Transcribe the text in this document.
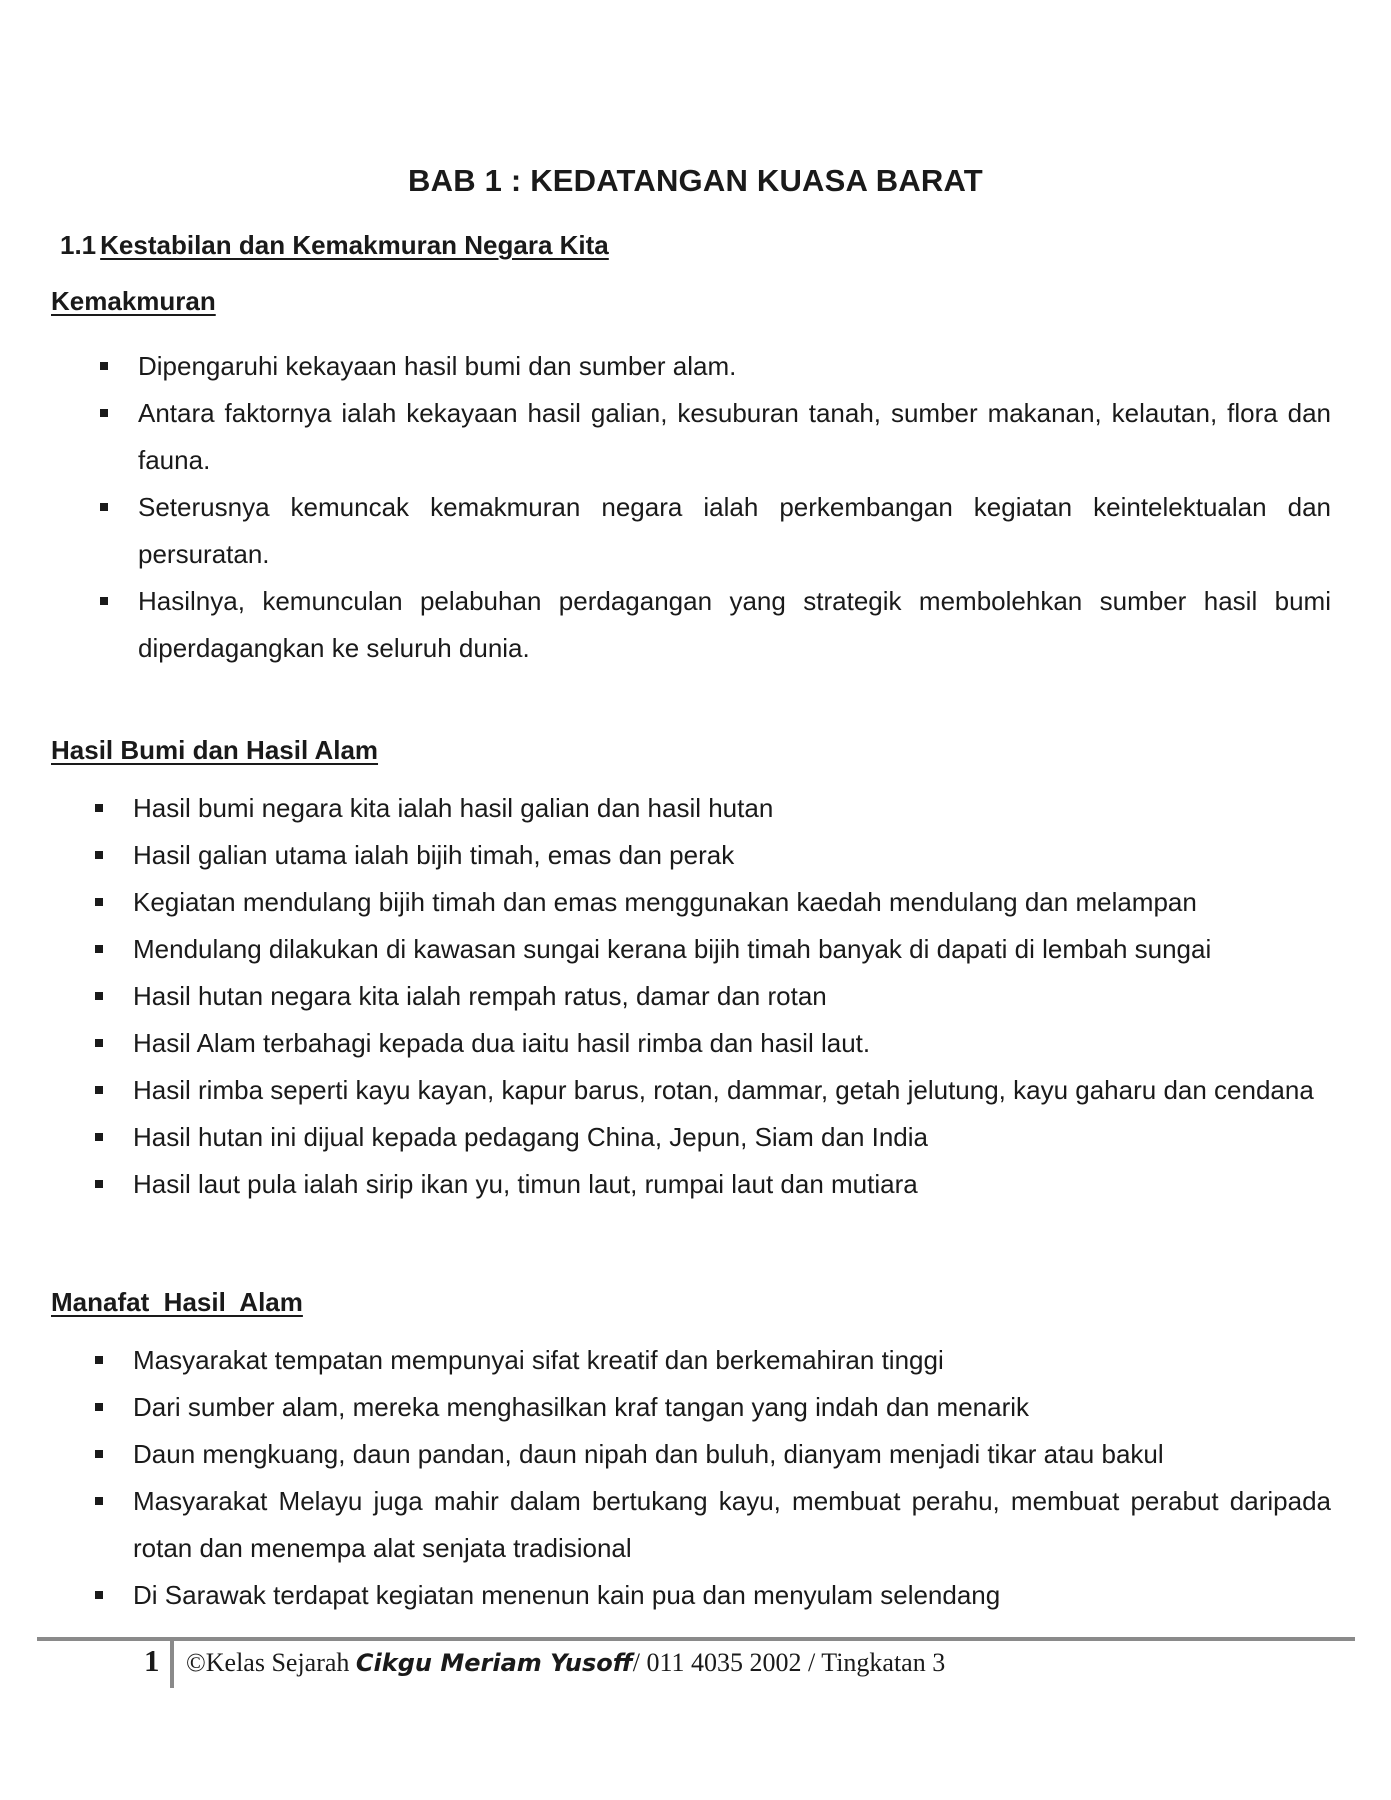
BAB 1 : KEDATANGAN KUASA BARAT
1.1 Kestabilan dan Kemakmuran Negara Kita
Kemakmuran
Dipengaruhi kekayaan hasil bumi dan sumber alam.
Antara faktornya ialah kekayaan hasil galian, kesuburan tanah, sumber makanan, kelautan, flora dan fauna.
Seterusnya kemuncak kemakmuran negara ialah perkembangan kegiatan keintelektualan dan persuratan.
Hasilnya, kemunculan pelabuhan perdagangan yang strategik membolehkan sumber hasil bumi diperdagangkan ke seluruh dunia.
Hasil Bumi dan Hasil Alam
Hasil bumi negara kita ialah hasil galian dan hasil hutan
Hasil galian utama ialah bijih timah, emas dan perak
Kegiatan mendulang bijih timah dan emas menggunakan kaedah mendulang dan melampan
Mendulang dilakukan di kawasan sungai kerana bijih timah banyak di dapati di lembah sungai
Hasil hutan negara kita ialah rempah ratus, damar dan rotan
Hasil Alam terbahagi kepada dua iaitu hasil rimba dan hasil laut.
Hasil rimba seperti kayu kayan, kapur barus, rotan, dammar, getah jelutung, kayu gaharu dan cendana
Hasil hutan ini dijual kepada pedagang China, Jepun, Siam dan India
Hasil laut pula ialah sirip ikan yu, timun laut, rumpai laut dan mutiara
Manafat  Hasil  Alam
Masyarakat tempatan mempunyai sifat kreatif dan berkemahiran tinggi
Dari sumber alam, mereka menghasilkan kraf tangan yang indah dan menarik
Daun mengkuang, daun pandan, daun nipah dan buluh, dianyam menjadi tikar atau bakul
Masyarakat Melayu juga mahir dalam bertukang kayu, membuat perahu, membuat perabut daripada rotan dan menempa alat senjata tradisional
Di Sarawak terdapat kegiatan menenun kain pua dan menyulam selendang
1 ©Kelas Sejarah Cikgu Meriam Yusoff/ 011 4035 2002 / Tingkatan 3
